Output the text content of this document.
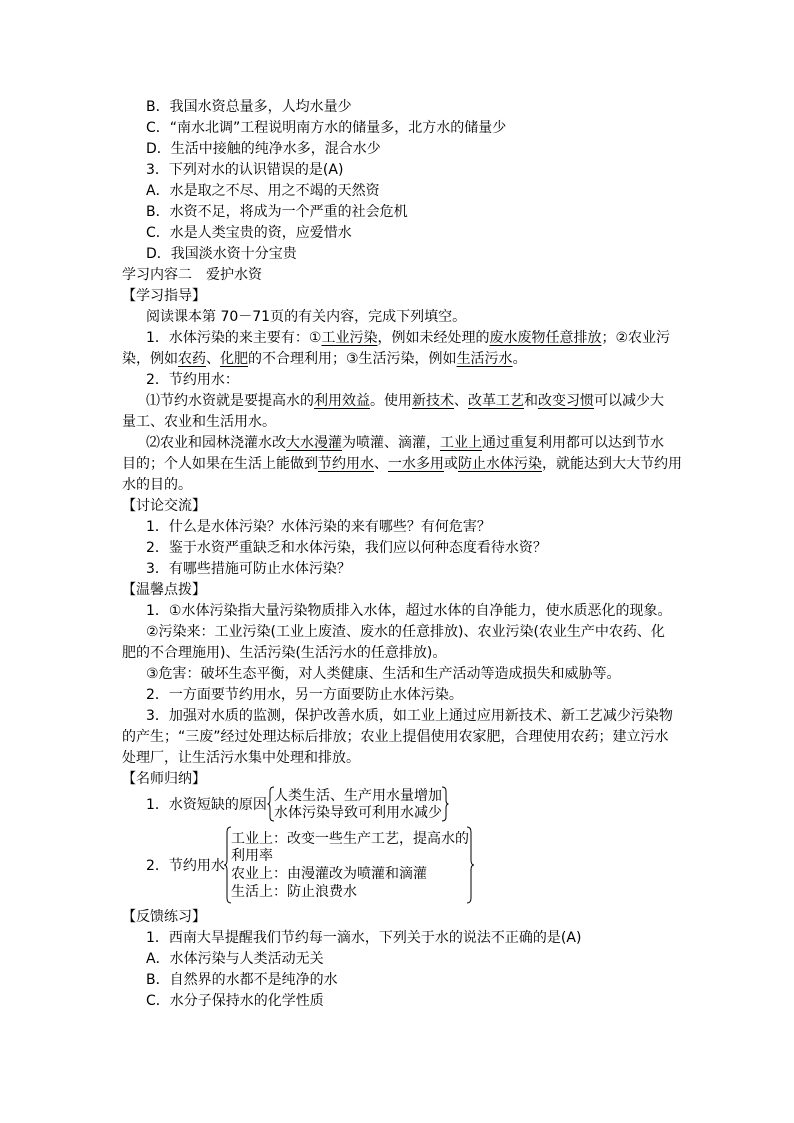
B．我国水资总量多，人均水量少
C．“南水北调”工程说明南方水的储量多，北方水的储量少
D．生活中接触的纯净水多，混合水少
3．下列对水的认识错误的是(A)
A．水是取之不尽、用之不竭的天然资
B．水资不足，将成为一个严重的社会危机
C．水是人类宝贵的资，应爱惜水
D．我国淡水资十分宝贵
学习内容二　爱护水资
【学习指导】
阅读课本第 70－71页的有关内容，完成下列填空。
1．水体污染的来主要有：①工业污染，例如未经处理的废水废物任意排放；②农业污
染，例如农药、化肥的不合理利用；③生活污染，例如生活污水。
2．节约用水：
⑴节约水资就是要提高水的利用效益。使用新技术、改革工艺和改变习惯可以减少大
量工、农业和生活用水。
⑵农业和园林浇灌水改大水漫灌为喷灌、滴灌，工业上通过重复利用都可以达到节水
目的；个人如果在生活上能做到节约用水、一水多用或防止水体污染，就能达到大大节约用
水的目的。
【讨论交流】
1．什么是水体污染？水体污染的来有哪些？有何危害？
2．鉴于水资严重缺乏和水体污染，我们应以何种态度看待水资？
3．有哪些措施可防止水体污染？
【温馨点拨】
1．①水体污染指大量污染物质排入水体，超过水体的自净能力，使水质恶化的现象。
②污染来：工业污染(工业上废渣、废水的任意排放)、农业污染(农业生产中农药、化
肥的不合理施用)、生活污染(生活污水的任意排放)。
③危害：破坏生态平衡，对人类健康、生活和生产活动等造成损失和威胁等。
2．一方面要节约用水，另一方面要防止水体污染。
3．加强对水质的监测，保护改善水质，如工业上通过应用新技术、新工艺减少污染物
的产生；“三废”经过处理达标后排放；农业上提倡使用农家肥，合理使用农药；建立污水
处理厂，让生活污水集中处理和排放。
【名师归纳】
1．水资短缺的原因
人类生活、生产用水量增加
水体污染导致可利用水减少
2．节约用水
工业上：改变一些生产工艺，提高水的
利用率
农业上：由漫灌改为喷灌和滴灌
生活上：防止浪费水
【反馈练习】
1．西南大旱提醒我们节约每一滴水，下列关于水的说法不正确的是(A)
A．水体污染与人类活动无关
B．自然界的水都不是纯净的水
C．水分子保持水的化学性质
